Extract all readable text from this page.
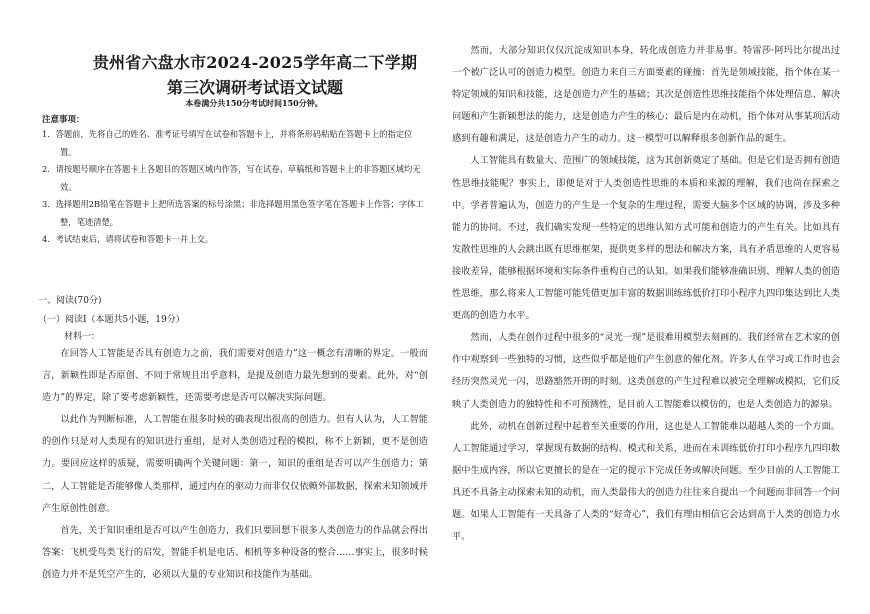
贵州省六盘水市2024-2025学年高二下学期
第三次调研考试语文试题
本卷满分共150分考试时间150分钟。
注意事项：
1．答题前，先将自己的姓名、准考证号填写在试卷和答题卡上，并将条形码粘贴在答题卡上的指定位置。
2．请按题号顺序在答题卡上各题目的答题区域内作答，写在试卷、草稿纸和答题卡上的非答题区域均无效。
3．选择题用2B铅笔在答题卡上把所选答案的标号涂黑；非选择题用黑色签字笔在答题卡上作答；字体工整，笔迹清楚。
4．考试结束后，请将试卷和答题卡一并上交。
一、阅读(70分)
（一）阅读Ⅰ（本题共5小题，19分）
材料一：

在回答人工智能是否具有创造力之前，我们需要对创造力”这一概念有清晰的界定。一般而言，新颖性即是否原创、不同于常规且出乎意料，是提及创造力最先想到的要素。此外，对“创造力”的界定，除了要考虑新颖性，还需要考虑是否可以解决实际问题。

以此作为判断标准，人工智能在很多时候的确表现出很高的创造力。但有人认为，人工智能的创作只是对人类现有的知识进行重组，是对人类创造过程的模拟，称不上新颖，更不是创造力。要回应这样的质疑，需要明确两个关键问题：第一，知识的重组是否可以产生创造力；第二，人工智能是否能够像人类那样，通过内在的驱动力而非仅仅依赖外部数据，探索未知领域并产生原创性创意。

首先，关于知识重组是否可以产生创造力，我们只要回想下很多人类创造力的作品就会得出答案：飞机受鸟类飞行的启发，智能手机是电话、相机等多种设备的整合……事实上，很多时候创造力并不是凭空产生的，必须以大量的专业知识和技能作为基础。

然而，大部分知识仅仅沉淀成知识本身，转化成创造力并非易事。特雷莎·阿玛比尔提出过一个被广泛认可的创造力模型。创造力来自三方面要素的碰撞：首先是领域技能，指个体在某一特定领域的知识和技能，这是创造力产生的基础；其次是创造性思维技能指个体处理信息、解决问题和产生新颖想法的能力，这是创造力产生的核心；最后是内在动机，指个体对从事某项活动感到有趣和满足，这是创造力产生的动力。这一模型可以解释很多创新作品的诞生。

人工智能具有数量大、范围广的领域技能，这为其创新奠定了基础。但是它们是否拥有创造性思维技能呢？事实上，即便是对于人类创造性思维的本质和来源的理解，我们也尚在探索之中。学者普遍认为，创造力的产生是一个复杂的生理过程，需要大脑多个区域的协调，涉及多种能力的协同。不过，我们确实发现一些特定的思维认知方式可能和创造力的产生有关。比如具有发散性思维的人会跳出既有思维框架，提供更多样的想法和解决方案，具有矛盾思维的人更容易接收差异，能够根据环境和实际条件重构自己的认知。如果我们能够准确识别、理解人类的创造性思维，那么将来人工智能可能凭借更加丰富的数据训练练低价打印小程序九四印集达到比人类更高的创造力水平。

然而，人类在创作过程中很多的“灵光一现”是很难用模型去刻画的。我们经常在艺术家的创作中观察到一些独特的习惯，这些似乎都是他们产生创意的催化剂。许多人在学习或工作时也会经历突然灵光一闪，思路豁然开朗的时刻。这类创意的产生过程难以被完全理解或模拟，它们反映了人类创造力的独特性和不可预测性，是目前人工智能难以模仿的，也是人类创造力的源泉。

此外，动机在创新过程中起着至关重要的作用，这也是人工智能难以超越人类的一个方面。人工智能通过学习，掌握现有数据的结构、模式和关系，进而在未训练低价打印小程序九四印数据中生成内容，所以它更擅长的是在一定的提示下完成任务或解决问题。至少目前的人工智能工具还不具备主动探索未知的动机，而人类最伟大的创造力往往来自提出一个问题而非回答一个问题。如果人工智能有一天具备了人类的“好奇心”，我们有理由相信它会达到高于人类的创造力水平。
